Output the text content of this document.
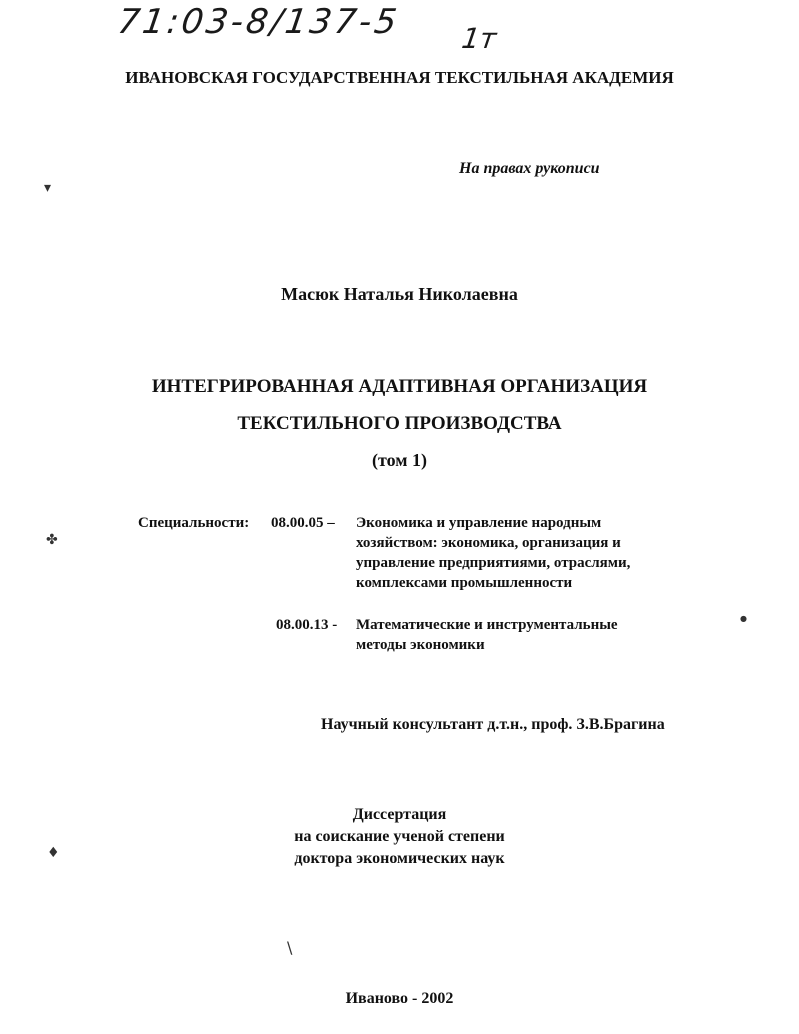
71:03-8/137-5 1т
ИВАНОВСКАЯ ГОСУДАРСТВЕННАЯ ТЕКСТИЛЬНАЯ АКАДЕМИЯ
На правах рукописи
▾
✤
♦
●
\
Масюк Наталья Николаевна
ИНТЕГРИРОВАННАЯ АДАПТИВНАЯ ОРГАНИЗАЦИЯ
ТЕКСТИЛЬНОГО ПРОИЗВОДСТВА
(том 1)
Специальности: 08.00.05 – Экономика и управление народным
хозяйством: экономика, организация и
управление предприятиями, отраслями,
комплексами промышленности
08.00.13 - Математические и инструментальные
методы экономики
Научный консультант д.т.н., проф. З.В.Брагина
Диссертация
на соискание ученой степени
доктора экономических наук
Иваново - 2002
